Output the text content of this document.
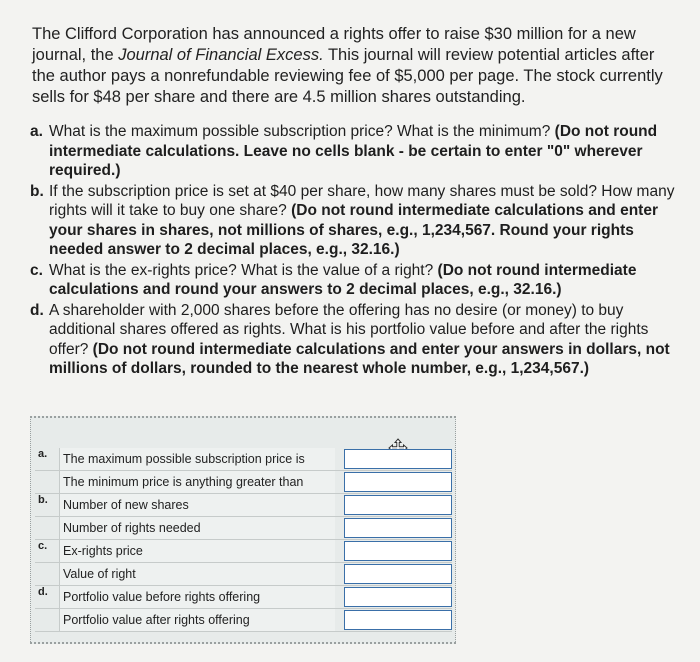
The Clifford Corporation has announced a rights offer to raise $30 million for a new journal, the Journal of Financial Excess. This journal will review potential articles after the author pays a nonrefundable reviewing fee of $5,000 per page. The stock currently sells for $48 per share and there are 4.5 million shares outstanding.
a. What is the maximum possible subscription price? What is the minimum? (Do not round intermediate calculations. Leave no cells blank - be certain to enter "0" wherever required.)
b. If the subscription price is set at $40 per share, how many shares must be sold? How many rights will it take to buy one share? (Do not round intermediate calculations and enter your shares in shares, not millions of shares, e.g., 1,234,567. Round your rights needed answer to 2 decimal places, e.g., 32.16.)
c. What is the ex-rights price? What is the value of a right? (Do not round intermediate calculations and round your answers to 2 decimal places, e.g., 32.16.)
d. A shareholder with 2,000 shares before the offering has no desire (or money) to buy additional shares offered as rights. What is his portfolio value before and after the rights offer? (Do not round intermediate calculations and enter your answers in dollars, not millions of dollars, rounded to the nearest whole number, e.g., 1,234,567.)
a.	The maximum possible subscription price is		

	The minimum price is anything greater than		

b.	Number of new shares		

	Number of rights needed		

c.	Ex-rights price		

	Value of right		

d.	Portfolio value before rights offering		

	Portfolio value after rights offering		
